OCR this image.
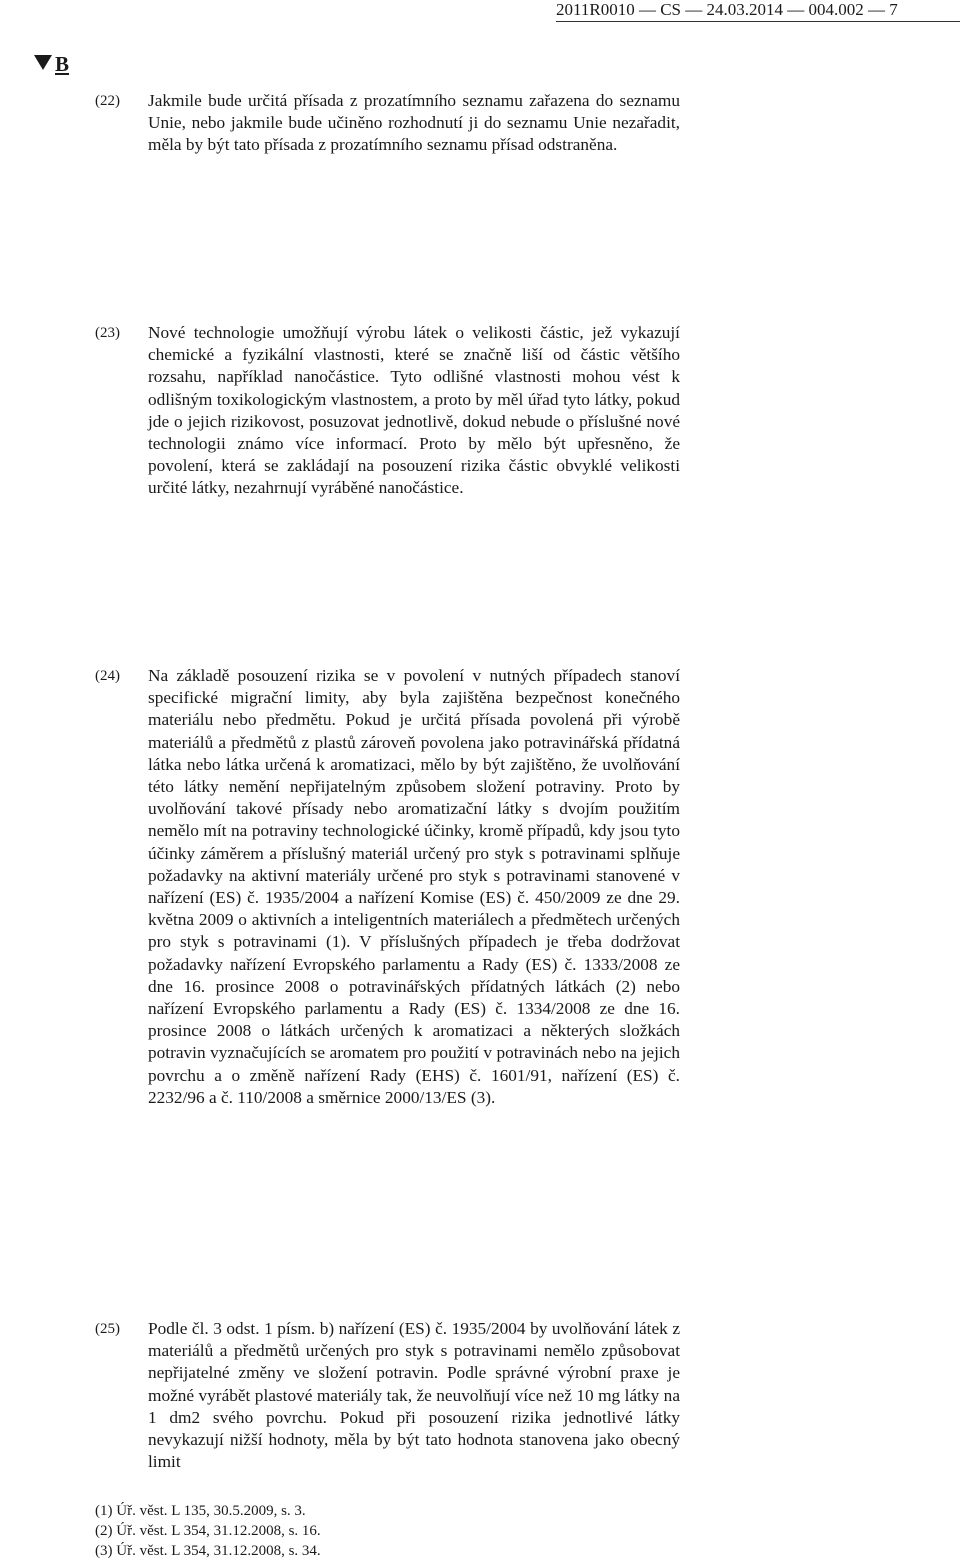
2011R0010 — CS — 24.03.2014 — 004.002 — 7
B
(22) Jakmile bude určitá přísada z prozatímního seznamu zařazena do seznamu Unie, nebo jakmile bude učiněno rozhodnutí ji do seznamu Unie nezařadit, měla by být tato přísada z prozatímního seznamu přísad odstraněna.
(23) Nové technologie umožňují výrobu látek o velikosti částic, jež vykazují chemické a fyzikální vlastnosti, které se značně liší od částic většího rozsahu, například nanočástice. Tyto odlišné vlastnosti mohou vést k odlišným toxikologickým vlastnostem, a proto by měl úřad tyto látky, pokud jde o jejich rizikovost, posuzovat jednotlivě, dokud nebude o příslušné nové technologii známo více informací. Proto by mělo být upřesněno, že povolení, která se zakládají na posouzení rizika částic obvyklé velikosti určité látky, nezahrnují vyráběné nanočástice.
(24) Na základě posouzení rizika se v povolení v nutných případech stanoví specifické migrační limity, aby byla zajištěna bezpečnost konečného materiálu nebo předmětu. Pokud je určitá přísada povolená při výrobě materiálů a předmětů z plastů zároveň povolena jako potravinářská přídatná látka nebo látka určená k aromatizaci, mělo by být zajištěno, že uvolňování této látky nemění nepřijatelným způsobem složení potraviny. Proto by uvolňování takové přísady nebo aromatizační látky s dvojím použitím nemělo mít na potraviny technologické účinky, kromě případů, kdy jsou tyto účinky záměrem a příslušný materiál určený pro styk s potravinami splňuje požadavky na aktivní materiály určené pro styk s potravinami stanovené v nařízení (ES) č. 1935/2004 a nařízení Komise (ES) č. 450/2009 ze dne 29. května 2009 o aktivních a inteligentních materiálech a předmětech určených pro styk s potravinami (1). V příslušných případech je třeba dodržovat požadavky nařízení Evropského parlamentu a Rady (ES) č. 1333/2008 ze dne 16. prosince 2008 o potravinářských přídatných látkách (2) nebo nařízení Evropského parlamentu a Rady (ES) č. 1334/2008 ze dne 16. prosince 2008 o látkách určených k aromatizaci a některých složkách potravin vyznačujících se aromatem pro použití v potravinách nebo na jejich povrchu a o změně nařízení Rady (EHS) č. 1601/91, nařízení (ES) č. 2232/96 a č. 110/2008 a směrnice 2000/13/ES (3).
(25) Podle čl. 3 odst. 1 písm. b) nařízení (ES) č. 1935/2004 by uvolňování látek z materiálů a předmětů určených pro styk s potravinami nemělo způsobovat nepřijatelné změny ve složení potravin. Podle správné výrobní praxe je možné vyrábět plastové materiály tak, že neuvolňují více než 10 mg látky na 1 dm2 svého povrchu. Pokud při posouzení rizika jednotlivé látky nevykazují nižší hodnoty, měla by být tato hodnota stanovena jako obecný limit
(1) Úř. věst. L 135, 30.5.2009, s. 3.
(2) Úř. věst. L 354, 31.12.2008, s. 16.
(3) Úř. věst. L 354, 31.12.2008, s. 34.
